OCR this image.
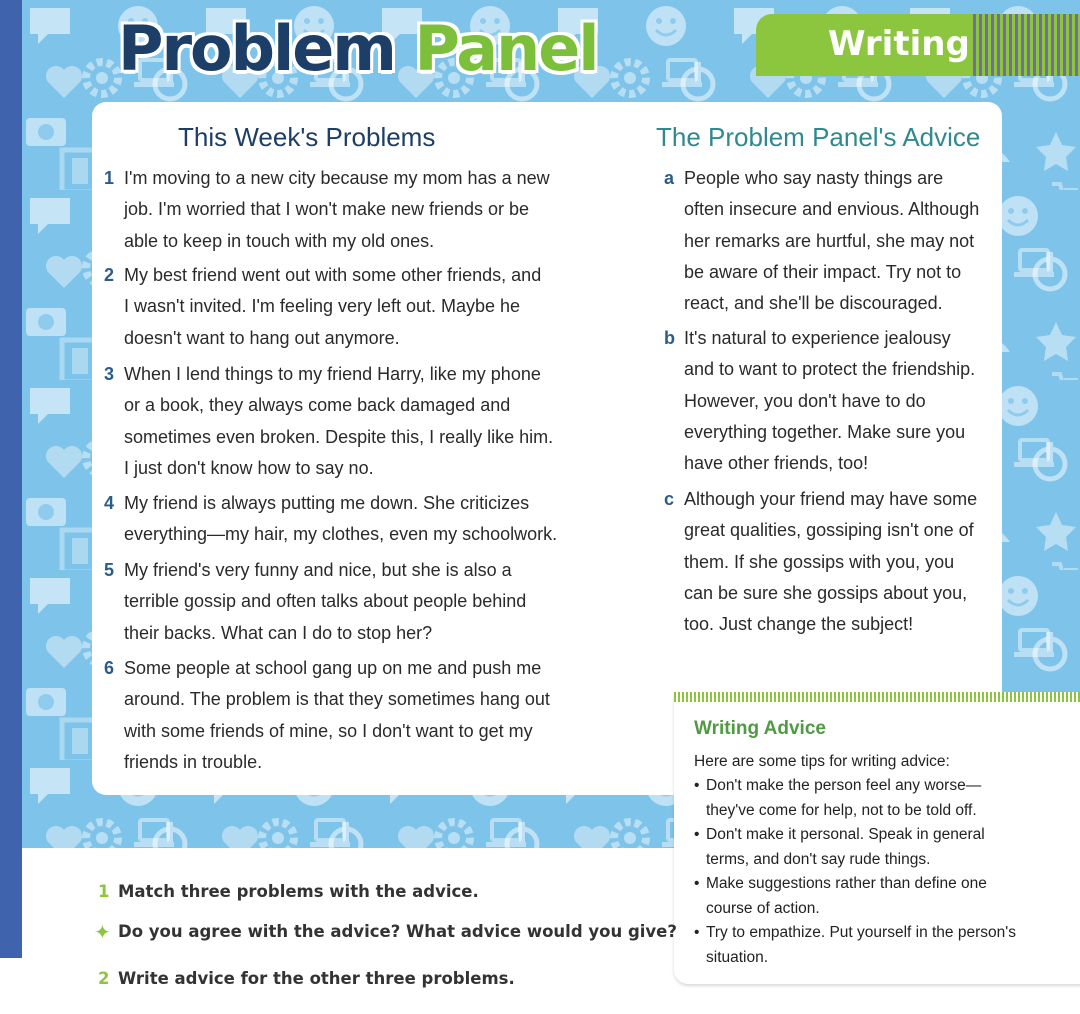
Problem Panel	Writing
This Week's Problems	The Problem Panel's Advice
1 I'm moving to a new city because my mom has a new
job. I'm worried that I won't make new friends or be
able to keep in touch with my old ones.
2 My best friend went out with some other friends, and
I wasn't invited. I'm feeling very left out. Maybe he
doesn't want to hang out anymore.
3 When I lend things to my friend Harry, like my phone
or a book, they always come back damaged and
sometimes even broken. Despite this, I really like him.
I just don't know how to say no.
4 My friend is always putting me down. She criticizes
everything—my hair, my clothes, even my schoolwork.
5 My friend's very funny and nice, but she is also a
terrible gossip and often talks about people behind
their backs. What can I do to stop her?
6 Some people at school gang up on me and push me
around. The problem is that they sometimes hang out
with some friends of mine, so I don't want to get my
friends in trouble.
a People who say nasty things are
often insecure and envious. Although
her remarks are hurtful, she may not
be aware of their impact. Try not to
react, and she'll be discouraged.
b It's natural to experience jealousy
and to want to protect the friendship.
However, you don't have to do
everything together. Make sure you
have other friends, too!
c Although your friend may have some
great qualities, gossiping isn't one of
them. If she gossips with you, you
can be sure she gossips about you,
too. Just change the subject!
Writing Advice
Here are some tips for writing advice:
• Don't make the person feel any worse—
they've come for help, not to be told off.
• Don't make it personal. Speak in general
terms, and don't say rude things.
• Make suggestions rather than define one
course of action.
• Try to empathize. Put yourself in the person's
situation.
1 Match three problems with the advice.
✦ Do you agree with the advice? What advice would you give?
2 Write advice for the other three problems.
